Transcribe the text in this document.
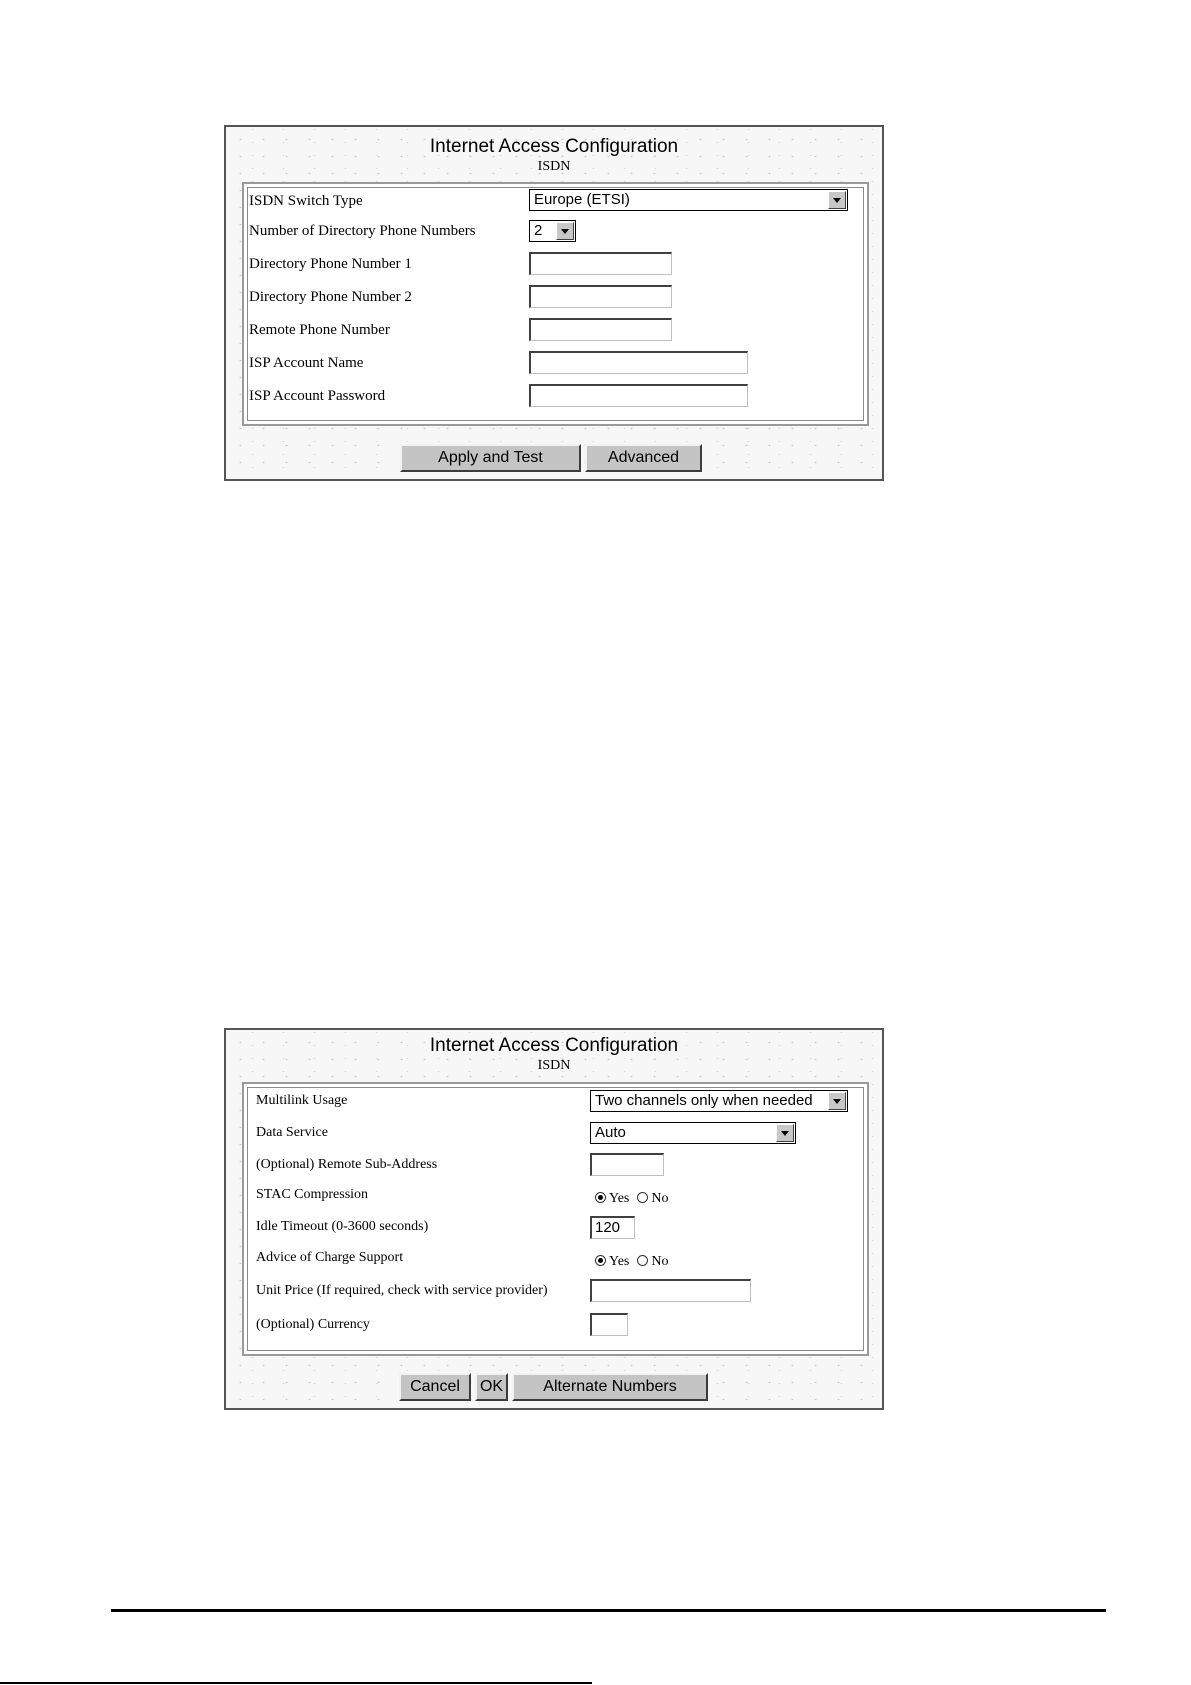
Internet Access Configuration
ISDN
ISDN Switch Type	Europe (ETSI)
Number of Directory Phone Numbers	2
Directory Phone Number 1
Directory Phone Number 2
Remote Phone Number
ISP Account Name
ISP Account Password
Apply and Test	Advanced
Internet Access Configuration
ISDN
Multilink Usage	Two channels only when needed
Data Service	Auto
(Optional) Remote Sub-Address
STAC Compression	Yes No
Idle Timeout (0-3600 seconds)	120
Advice of Charge Support	Yes No
Unit Price (If required, check with service provider)
(Optional) Currency
Cancel	OK	Alternate Numbers
